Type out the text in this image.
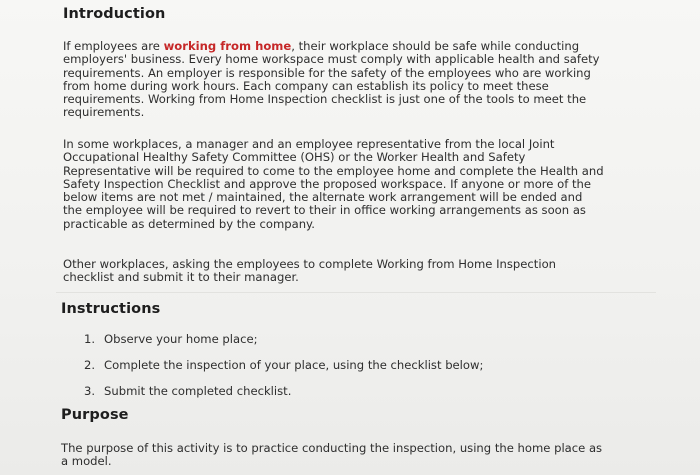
Introduction
If employees are working from home, their workplace should be safe while conducting
employers' business. Every home workspace must comply with applicable health and safety
requirements. An employer is responsible for the safety of the employees who are working
from home during work hours. Each company can establish its policy to meet these
requirements. Working from Home Inspection checklist is just one of the tools to meet the
requirements.
In some workplaces, a manager and an employee representative from the local Joint
Occupational Healthy Safety Committee (OHS) or the Worker Health and Safety
Representative will be required to come to the employee home and complete the Health and
Safety Inspection Checklist and approve the proposed workspace. If anyone or more of the
below items are not met / maintained, the alternate work arrangement will be ended and
the employee will be required to revert to their in office working arrangements as soon as
practicable as determined by the company.
Other workplaces, asking the employees to complete Working from Home Inspection
checklist and submit it to their manager.
Instructions
1. Observe your home place;
2. Complete the inspection of your place, using the checklist below;
3. Submit the completed checklist.
Purpose
The purpose of this activity is to practice conducting the inspection, using the home place as
a model.
